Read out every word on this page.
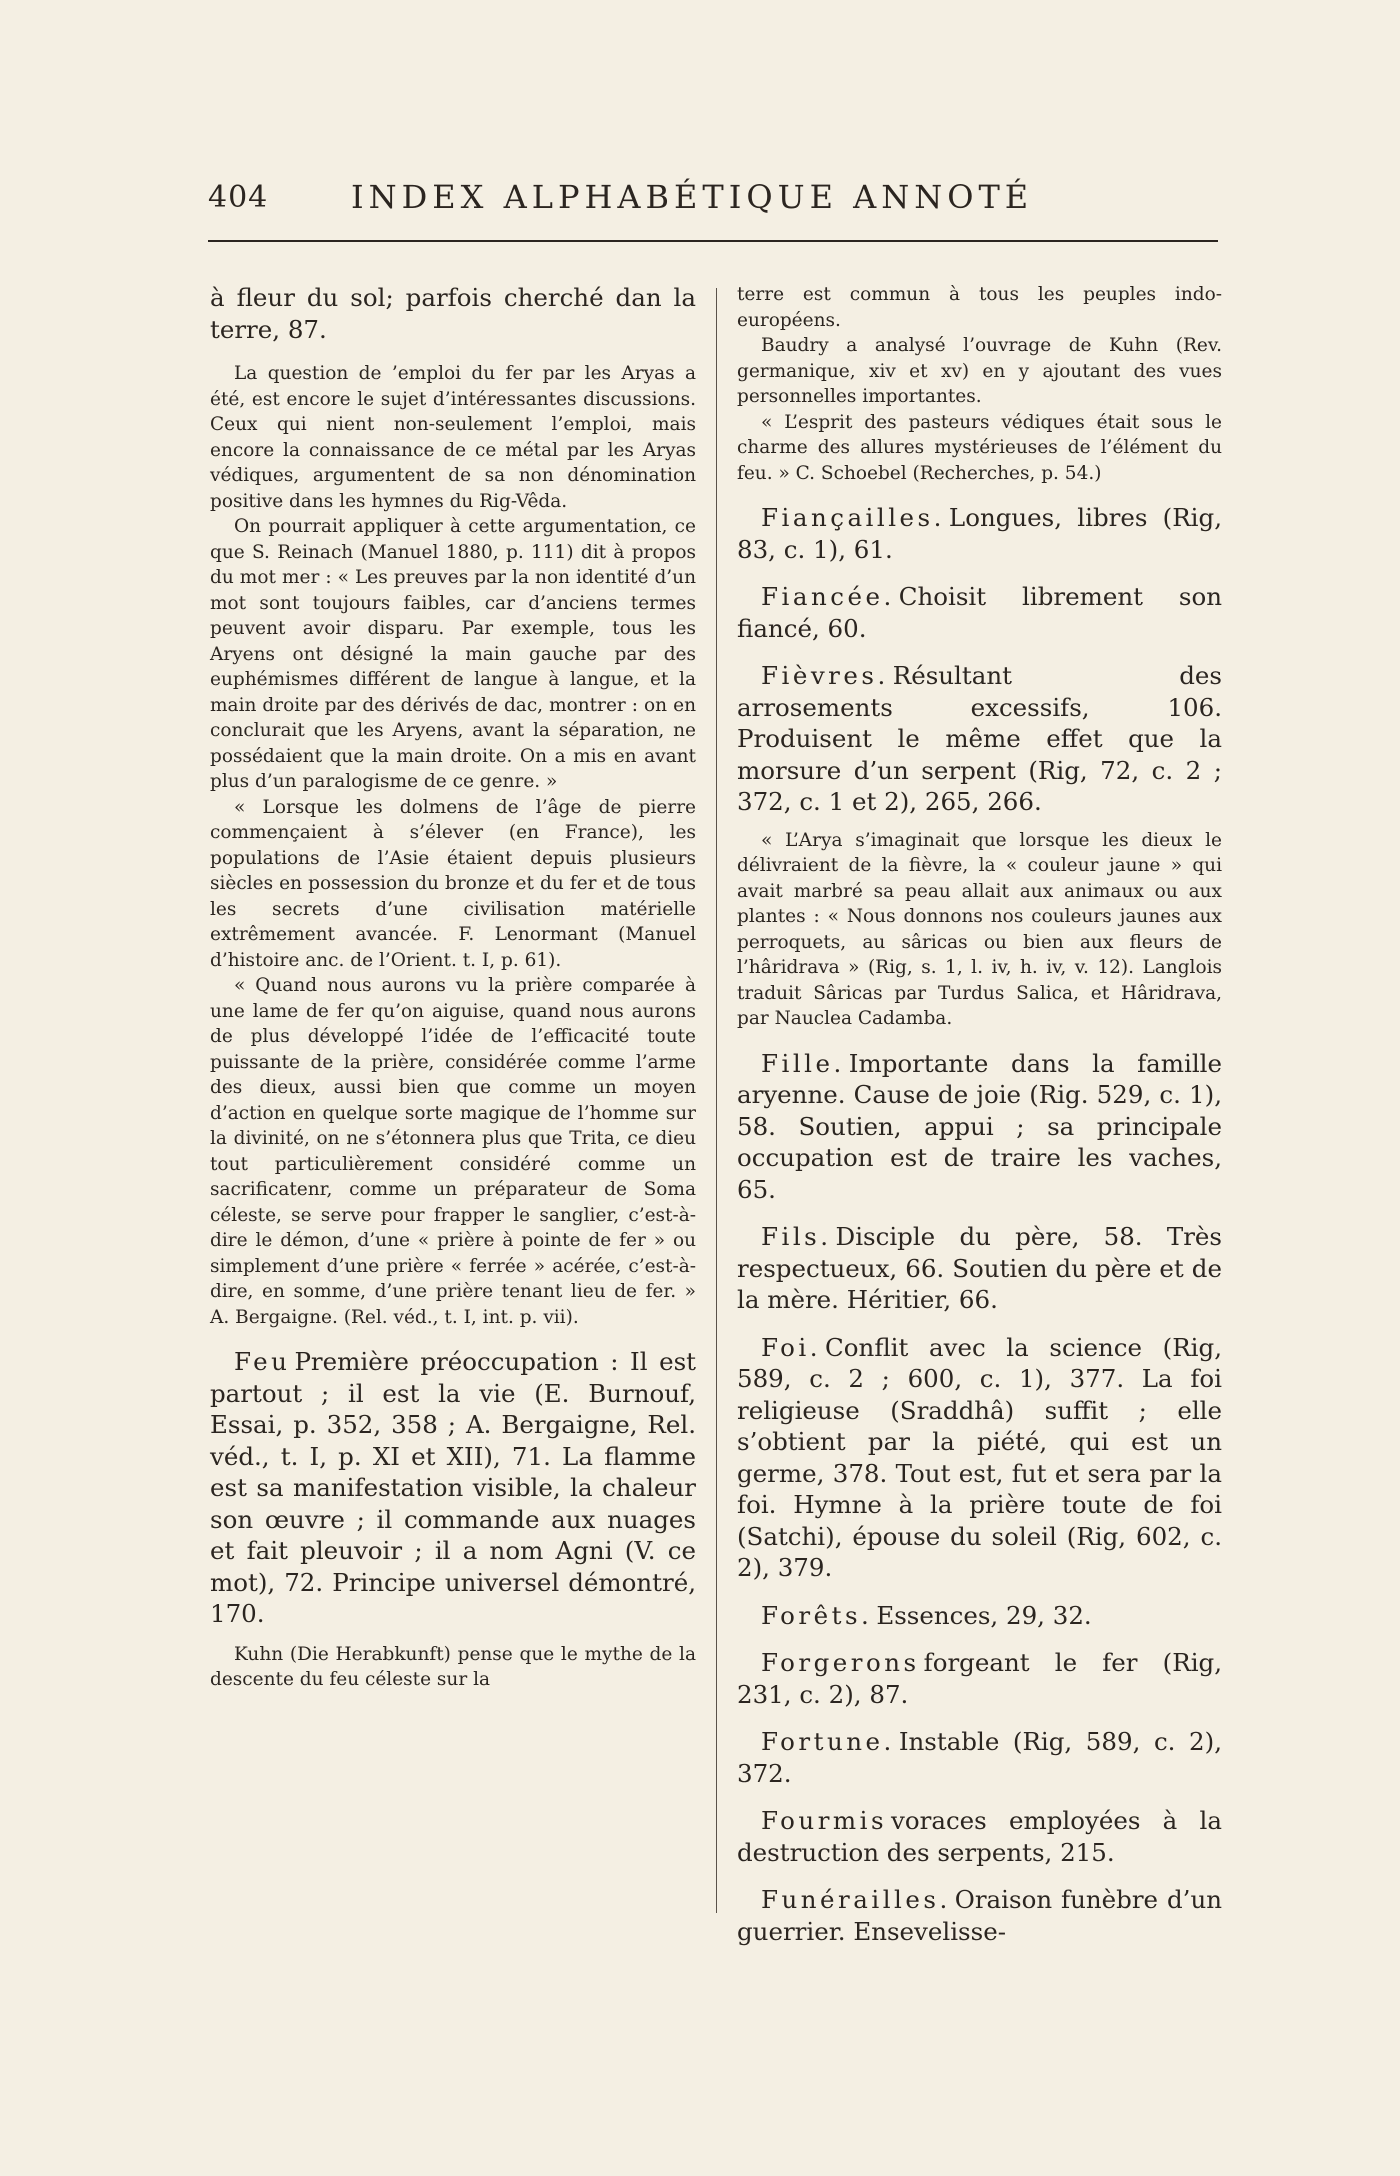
404	INDEX ALPHABÉTIQUE ANNOTÉ

à fleur du sol; parfois cherché dan la terre, 87.

La question de ’emploi du fer par les Aryas a été, est encore le sujet d’intéressantes discussions. Ceux qui nient non-seulement l’emploi, mais encore la connaissance de ce métal par les Aryas védiques, argumentent de sa non dénomination positive dans les hymnes du Rig-Vêda.

On pourrait appliquer à cette argumentation, ce que S. Reinach (Manuel 1880, p. 111) dit à propos du mot mer : « Les preuves par la non identité d’un mot sont toujours faibles, car d’anciens termes peuvent avoir disparu. Par exemple, tous les Aryens ont désigné la main gauche par des euphémismes différent de langue à langue, et la main droite par des dérivés de dac, montrer : on en conclurait que les Aryens, avant la séparation, ne possédaient que la main droite. On a mis en avant plus d’un paralogisme de ce genre. »

« Lorsque les dolmens de l’âge de pierre commençaient à s’élever (en France), les populations de l’Asie étaient depuis plusieurs siècles en possession du bronze et du fer et de tous les secrets d’une civilisation matérielle extrêmement avancée. F. Lenormant (Manuel d’histoire anc. de l’Orient. t. I, p. 61).

« Quand nous aurons vu la prière comparée à une lame de fer qu’on aiguise, quand nous aurons de plus développé l’idée de l’efficacité toute puissante de la prière, considérée comme l’arme des dieux, aussi bien que comme un moyen d’action en quelque sorte magique de l’homme sur la divinité, on ne s’étonnera plus que Trita, ce dieu tout particulièrement considéré comme un sacrificatenr, comme un préparateur de Soma céleste, se serve pour frapper le sanglier, c’est-à-dire le démon, d’une « prière à pointe de fer » ou simplement d’une prière « ferrée » acérée, c’est-à-dire, en somme, d’une prière tenant lieu de fer. » A. Bergaigne. (Rel. véd., t. I, int. p. vii).

Feu Première préoccupation : Il est partout ; il est la vie (E. Burnouf, Essai, p. 352, 358 ; A. Bergaigne, Rel. véd., t. I, p. XI et XII), 71. La flamme est sa manifestation visible, la chaleur son œuvre ; il commande aux nuages et fait pleuvoir ; il a nom Agni (V. ce mot), 72. Principe universel démontré, 170.

Kuhn (Die Herabkunft) pense que le mythe de la descente du feu céleste sur la

terre est commun à tous les peuples indo-européens.

Baudry a analysé l’ouvrage de Kuhn (Rev. germanique, xiv et xv) en y ajoutant des vues personnelles importantes.

« L’esprit des pasteurs védiques était sous le charme des allures mystérieuses de l’élément du feu. » C. Schoebel (Recherches, p. 54.)

Fiançailles. Longues, libres (Rig, 83, c. 1), 61.

Fiancée. Choisit librement son fiancé, 60.

Fièvres. Résultant des arrosements excessifs, 106. Produisent le même effet que la morsure d’un serpent (Rig, 72, c. 2 ; 372, c. 1 et 2), 265, 266.

« L’Arya s’imaginait que lorsque les dieux le délivraient de la fièvre, la « couleur jaune » qui avait marbré sa peau allait aux animaux ou aux plantes : « Nous donnons nos couleurs jaunes aux perroquets, au sâricas ou bien aux fleurs de l’hâridrava » (Rig, s. 1, l. iv, h. iv, v. 12). Langlois traduit Sâricas par Turdus Salica, et Hâridrava, par Nauclea Cadamba.

Fille. Importante dans la famille aryenne. Cause de joie (Rig. 529, c. 1), 58. Soutien, appui ; sa principale occupation est de traire les vaches, 65.

Fils. Disciple du père, 58. Très respectueux, 66. Soutien du père et de la mère. Héritier, 66.

Foi. Conflit avec la science (Rig, 589, c. 2 ; 600, c. 1), 377. La foi religieuse (Sraddhâ) suffit ; elle s’obtient par la piété, qui est un germe, 378. Tout est, fut et sera par la foi. Hymne à la prière toute de foi (Satchi), épouse du soleil (Rig, 602, c. 2), 379.

Forêts. Essences, 29, 32.

Forgerons forgeant le fer (Rig, 231, c. 2), 87.

Fortune. Instable (Rig, 589, c. 2), 372.

Fourmis voraces employées à la destruction des serpents, 215.

Funérailles. Oraison funèbre d’un guerrier. Ensevelisse-
